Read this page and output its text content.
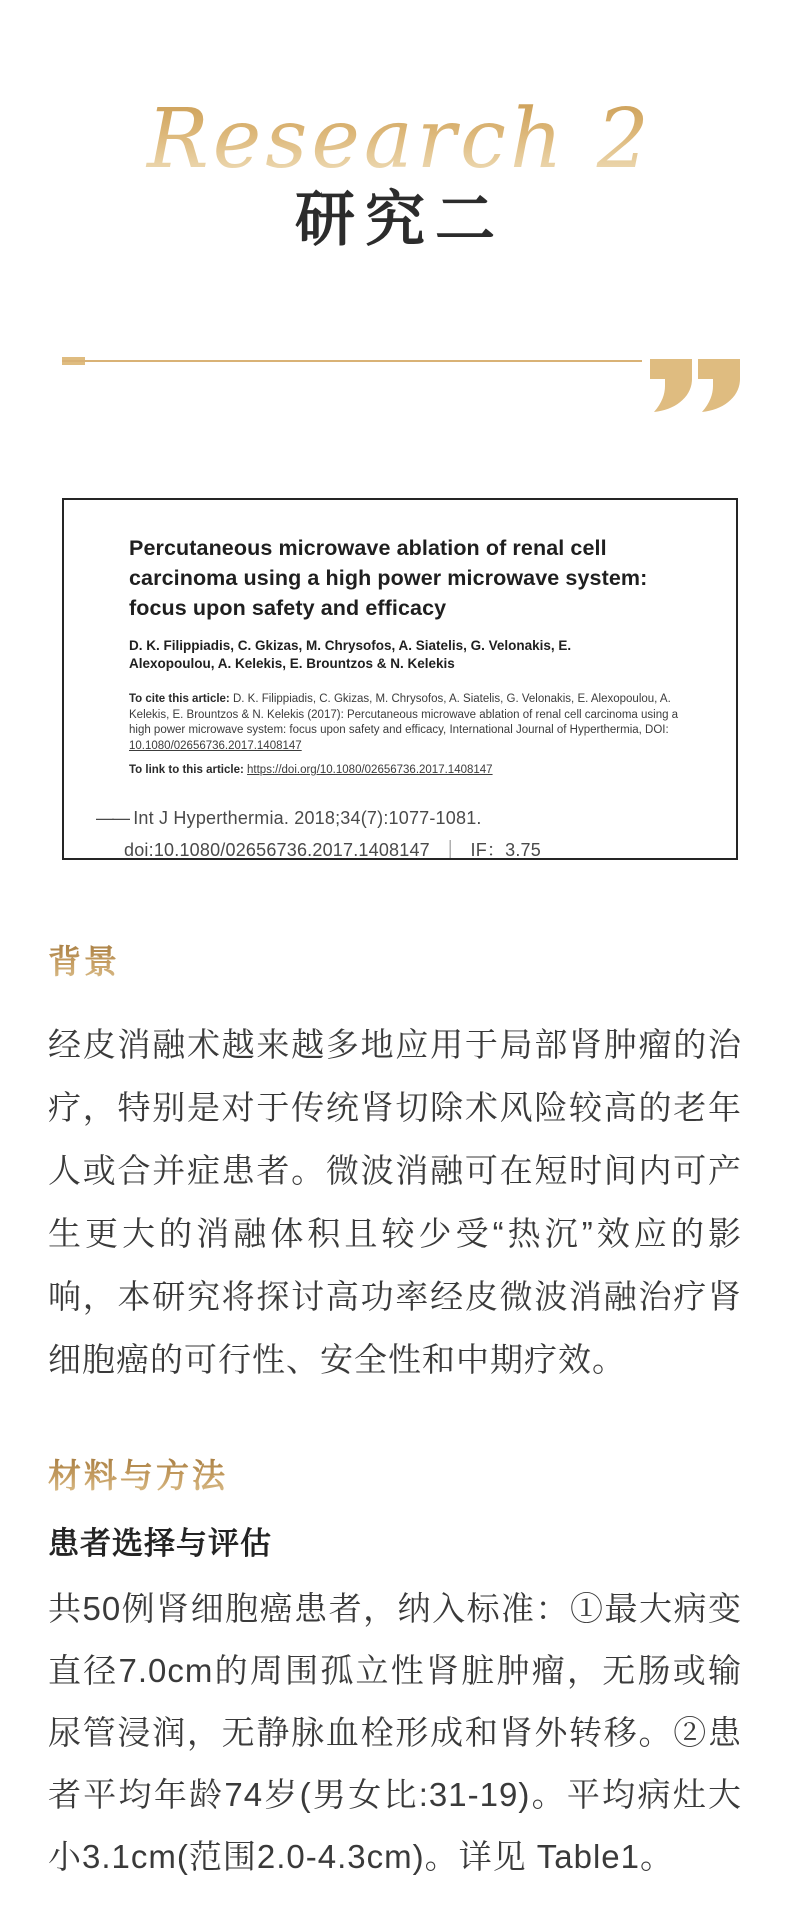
Research 2
研究二
Percutaneous microwave ablation of renal cell carcinoma using a high power microwave system: focus upon safety and efficacy
D. K. Filippiadis, C. Gkizas, M. Chrysofos, A. Siatelis, G. Velonakis, E. Alexopoulou, A. Kelekis, E. Brountzos & N. Kelekis

To cite this article: D. K. Filippiadis, C. Gkizas, M. Chrysofos, A. Siatelis, G. Velonakis, E. Alexopoulou, A. Kelekis, E. Brountzos & N. Kelekis (2017): Percutaneous microwave ablation of renal cell carcinoma using a high power microwave system: focus upon safety and efficacy, International Journal of Hyperthermia, DOI: 10.1080/02656736.2017.1408147

To link to this article: https://doi.org/10.1080/02656736.2017.1408147

—— Int J Hyperthermia. 2018;34(7):1077-1081.
doi:10.1080/02656736.2017.1408147 ｜ IF：3.75
背景

经皮消融术越来越多地应用于局部肾肿瘤的治疗，特别是对于传统肾切除术风险较高的老年人或合并症患者。微波消融可在短时间内可产生更大的消融体积且较少受“热沉”效应的影响，本研究将探讨高功率经皮微波消融治疗肾细胞癌的可行性、安全性和中期疗效。

材料与方法
患者选择与评估

共50例肾细胞癌患者，纳入标准：①最大病变直径7.0cm的周围孤立性肾脏肿瘤，无肠或输尿管浸润，无静脉血栓形成和肾外转移。②患者平均年龄74岁(男女比:31-19)。平均病灶大小3.1cm(范围2.0-4.3cm)。详见 Table1。
